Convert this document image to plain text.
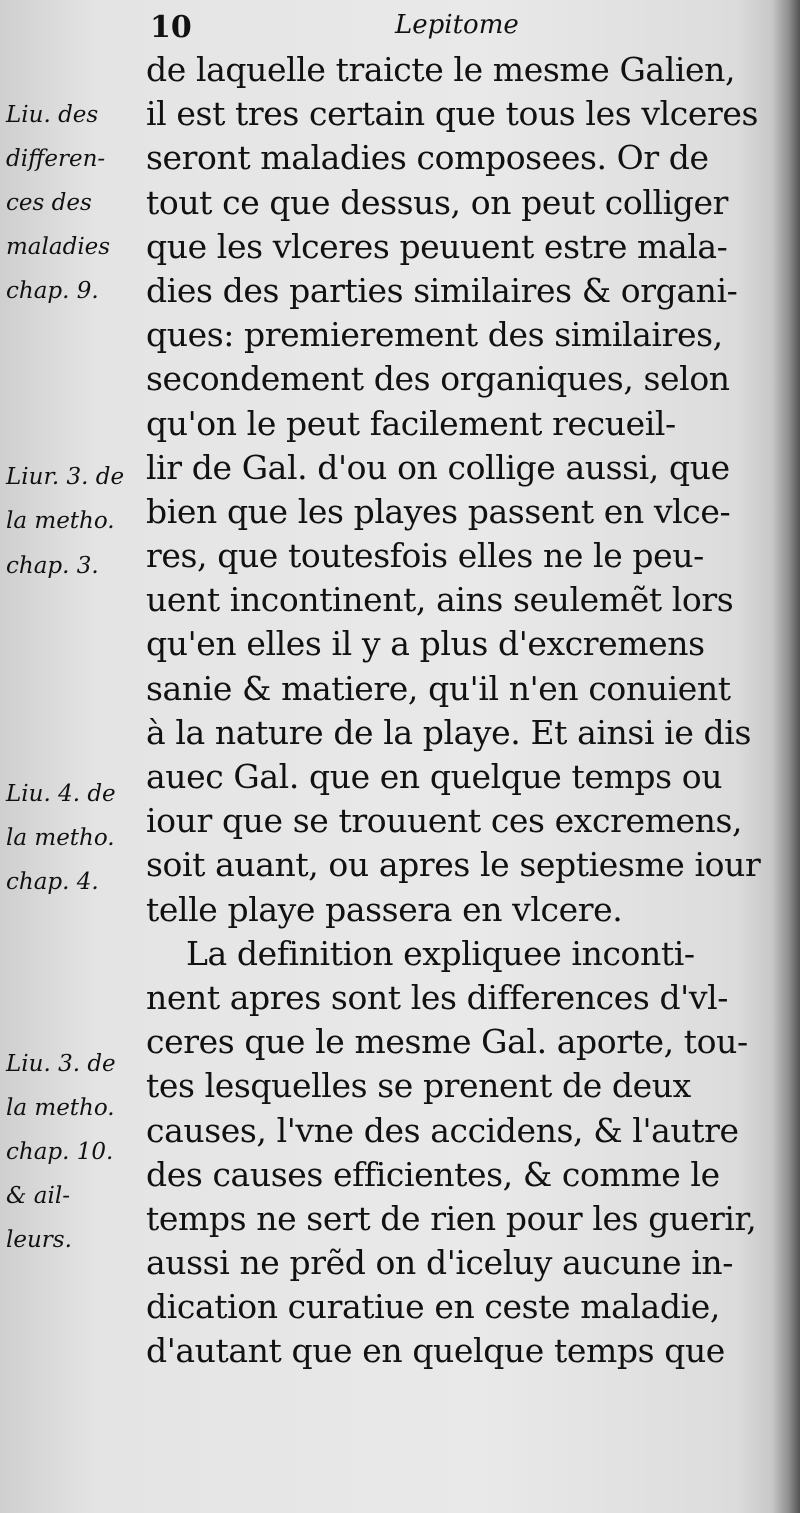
10	Lepitome
de laquelle traicte le mesme Galien,
il est tres certain que tous les vlceres
seront maladies composees. Or de
tout ce que dessus, on peut colliger
que les vlceres peuuent estre mala-
dies des parties similaires & organi-
ques: premierement des similaires,
secondement des organiques, selon
qu'on le peut facilement recueil-
lir de Gal. d'ou on collige aussi, que
bien que les playes passent en vlce-
res, que toutesfois elles ne le peu-
uent incontinent, ains seulemẽt lors
qu'en elles il y a plus d'excremens
sanie & matiere, qu'il n'en conuient
à la nature de la playe. Et ainsi ie dis
auec Gal. que en quelque temps ou
iour que se trouuent ces excremens,
soit auant, ou apres le septiesme iour
telle playe passera en vlcere.
La definition expliquee inconti-
nent apres sont les differences d'vl-
ceres que le mesme Gal. aporte, tou-
tes lesquelles se prenent de deux
causes, l'vne des accidens, & l'autre
des causes efficientes, & comme le
temps ne sert de rien pour les guerir,
aussi ne prẽd on d'iceluy aucune in-
dication curatiue en ceste maladie,
d'autant que en quelque temps que
Liu. des
differen-
ces des
maladies
chap. 9.
Liur. 3. de
la metho.
chap. 3.
Liu. 4. de
la metho.
chap. 4.
Liu. 3. de
la metho.
chap. 10.
& ail-
leurs.
